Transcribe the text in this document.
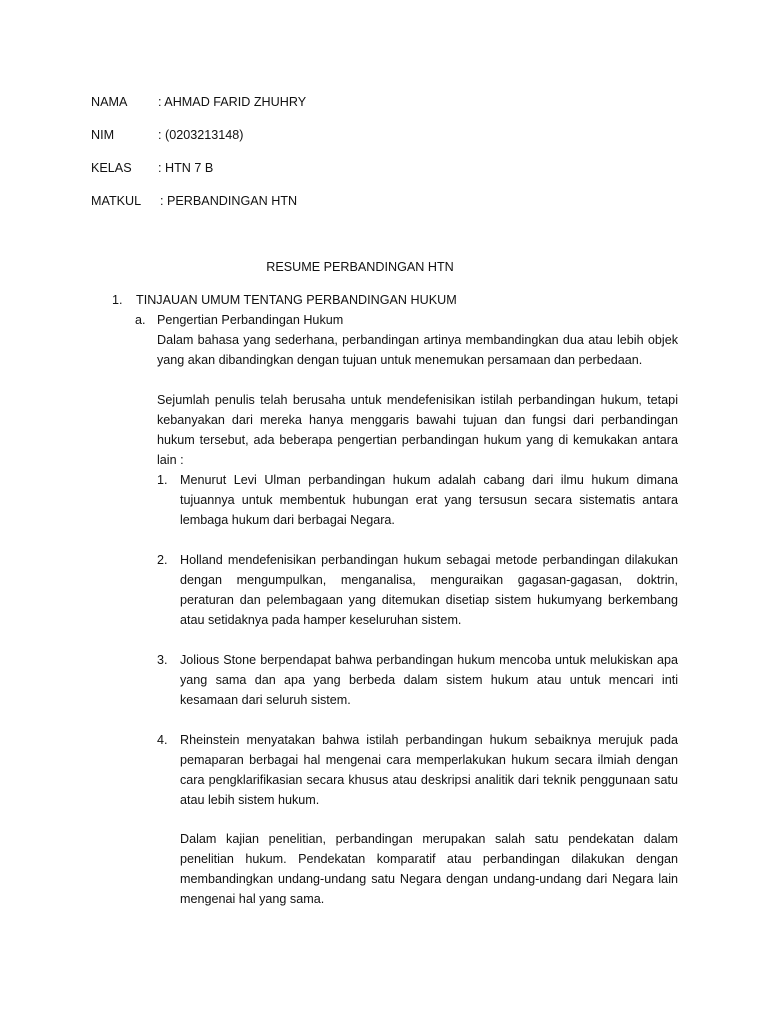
NAMA : AHMAD FARID ZHUHRY
NIM	: (0203213148)
KELAS : HTN 7 B
MATKUL : PERBANDINGAN HTN
RESUME PERBANDINGAN HTN
1. TINJAUAN UMUM TENTANG PERBANDINGAN HUKUM
a. Pengertian Perbandingan Hukum
Dalam bahasa yang sederhana, perbandingan artinya membandingkan dua atau lebih objek yang akan dibandingkan dengan tujuan untuk menemukan persamaan dan perbedaan.
Sejumlah penulis telah berusaha untuk mendefenisikan istilah perbandingan hukum, tetapi kebanyakan dari mereka hanya menggaris bawahi tujuan dan fungsi dari perbandingan hukum tersebut, ada beberapa pengertian perbandingan hukum yang di kemukakan antara lain :
1. Menurut Levi Ulman perbandingan hukum adalah cabang dari ilmu hukum dimana tujuannya untuk membentuk hubungan erat yang tersusun secara sistematis antara lembaga hukum dari berbagai Negara.
2. Holland mendefenisikan perbandingan hukum sebagai metode perbandingan dilakukan dengan mengumpulkan, menganalisa, menguraikan gagasan-gagasan, doktrin, peraturan dan pelembagaan yang ditemukan disetiap sistem hukumyang berkembang atau setidaknya pada hamper keseluruhan sistem.
3. Jolious Stone berpendapat bahwa perbandingan hukum mencoba untuk melukiskan apa yang sama dan apa yang berbeda dalam sistem hukum atau untuk mencari inti kesamaan dari seluruh sistem.
4. Rheinstein menyatakan bahwa istilah perbandingan hukum sebaiknya merujuk pada pemaparan berbagai hal mengenai cara memperlakukan hukum secara ilmiah dengan cara pengklarifikasian secara khusus atau deskripsi analitik dari teknik penggunaan satu atau lebih sistem hukum.
Dalam kajian penelitian, perbandingan merupakan salah satu pendekatan dalam penelitian hukum. Pendekatan komparatif atau perbandingan dilakukan dengan membandingkan undang-undang satu Negara dengan undang-undang dari Negara lain mengenai hal yang sama.
